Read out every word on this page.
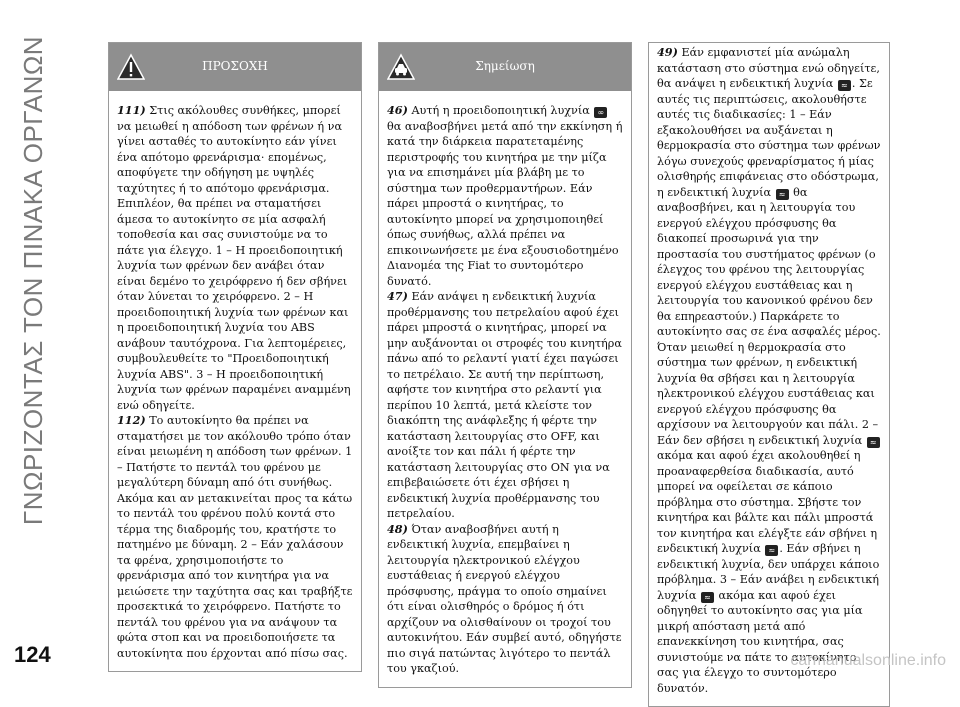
ΓΝΩΡΙΖΟΝΤΑΣ ΤΟΝ ΠΙΝΑΚΑ ΟΡΓΑΝΩΝ	ΠΡΟΣΟΧΗ

111) Στις ακόλουθες συνθήκες, μπορεί να μειωθεί η απόδοση των φρένων ή να γίνει ασταθές το αυτοκίνητο εάν γίνει ένα απότομο φρενάρισμα· επομένως, αποφύγετε την οδήγηση με υψηλές ταχύτητες ή το απότομο φρενάρισμα. Επιπλέον, θα πρέπει να σταματήσει άμεσα το αυτοκίνητο σε μία ασφαλή τοποθεσία και σας συνιστούμε να το πάτε για έλεγχο. 1 – Η προειδοποιητική λυχνία των φρένων δεν ανάβει όταν είναι δεμένο το χειρόφρενο ή δεν σβήνει όταν λύνεται το χειρόφρενο. 2 – Η προειδοποιητική λυχνία των φρένων και η προειδοποιητική λυχνία του ABS ανάβουν ταυτόχρονα. Για λεπτομέρειες, συμβουλευθείτε το "Προειδοποιητική λυχνία ABS". 3 – Η προειδοποιητική λυχνία των φρένων παραμένει αναμμένη ενώ οδηγείτε.

112) Το αυτοκίνητο θα πρέπει να σταματήσει με τον ακόλουθο τρόπο όταν είναι μειωμένη η απόδοση των φρένων. 1 – Πατήστε το πεντάλ του φρένου με μεγαλύτερη δύναμη από ότι συνήθως. Ακόμα και αν μετακινείται προς τα κάτω το πεντάλ του φρένου πολύ κοντά στο τέρμα της διαδρομής του, κρατήστε το πατημένο με δύναμη. 2 – Εάν χαλάσουν τα φρένα, χρησιμοποιήστε το φρενάρισμα από τον κινητήρα για να μειώσετε την ταχύτητα σας και τραβήξτε προσεκτικά το χειρόφρενο. Πατήστε το πεντάλ του φρένου για να ανάψουν τα φώτα στοπ και να προειδοποιήσετε τα αυτοκίνητα που έρχονται από πίσω σας.

Σημείωση

46) Αυτή η προειδοποιητική λυχνία ∞ θα αναβοσβήνει μετά από την εκκίνηση ή κατά την διάρκεια παρατεταμένης περιστροφής του κινητήρα με την μίζα για να επισημάνει μία βλάβη με το σύστημα των προθερμαντήρων. Εάν πάρει μπροστά ο κινητήρας, το αυτοκίνητο μπορεί να χρησιμοποιηθεί όπως συνήθως, αλλά πρέπει να επικοινωνήσετε με ένα εξουσιοδοτημένο Διανομέα της Fiat το συντομότερο δυνατό.

47) Εάν ανάψει η ενδεικτική λυχνία προθέρμανσης του πετρελαίου αφού έχει πάρει μπροστά ο κινητήρας, μπορεί να μην αυξάνονται οι στροφές του κινητήρα πάνω από το ρελαντί γιατί έχει παγώσει το πετρέλαιο. Σε αυτή την περίπτωση, αφήστε τον κινητήρα στο ρελαντί για περίπου 10 λεπτά, μετά κλείστε τον διακόπτη της ανάφλεξης ή φέρτε την κατάσταση λειτουργίας στο OFF, και ανοίξτε τον και πάλι ή φέρτε την κατάσταση λειτουργίας στο ON για να επιβεβαιώσετε ότι έχει σβήσει η ενδεικτική λυχνία προθέρμανσης του πετρελαίου.

48) Όταν αναβοσβήνει αυτή η ενδεικτική λυχνία, επεμβαίνει η λειτουργία ηλεκτρονικού ελέγχου ευστάθειας ή ενεργού ελέγχου πρόσφυσης, πράγμα το οποίο σημαίνει ότι είναι ολισθηρός ο δρόμος ή ότι αρχίζουν να ολισθαίνουν οι τροχοί του αυτοκινήτου. Εάν συμβεί αυτό, οδηγήστε πιο σιγά πατώντας λιγότερο το πεντάλ του γκαζιού.

49) Εάν εμφανιστεί μία ανώμαλη κατάσταση στο σύστημα ενώ οδηγείτε, θα ανάψει η ενδεικτική λυχνία ≈ . Σε αυτές τις περιπτώσεις, ακολουθήστε αυτές τις διαδικασίες: 1 – Εάν εξακολουθήσει να αυξάνεται η θερμοκρασία στο σύστημα των φρένων λόγω συνεχούς φρεναρίσματος ή μίας ολισθηρής επιφάνειας στο οδόστρωμα, η ενδεικτική λυχνία ≈ θα αναβοσβήνει, και η λειτουργία του ενεργού ελέγχου πρόσφυσης θα διακοπεί προσωρινά για την προστασία του συστήματος φρένων (ο έλεγχος του φρένου της λειτουργίας ενεργού ελέγχου ευστάθειας και η λειτουργία του κανονικού φρένου δεν θα επηρεαστούν.) Παρκάρετε το αυτοκίνητο σας σε ένα ασφαλές μέρος. Όταν μειωθεί η θερμοκρασία στο σύστημα των φρένων, η ενδεικτική λυχνία θα σβήσει και η λειτουργία ηλεκτρονικού ελέγχου ευστάθειας και ενεργού ελέγχου πρόσφυσης θα αρχίσουν να λειτουργούν και πάλι. 2 – Εάν δεν σβήσει η ενδεικτική λυχνία ≈ ακόμα και αφού έχει ακολουθηθεί η προαναφερθείσα διαδικασία, αυτό μπορεί να οφείλεται σε κάποιο πρόβλημα στο σύστημα. Σβήστε τον κινητήρα και βάλτε και πάλι μπροστά τον κινητήρα και ελέγξτε εάν σβήνει η ενδεικτική λυχνία ≈ . Εάν σβήνει η ενδεικτική λυχνία, δεν υπάρχει κάποιο πρόβλημα. 3 – Εάν ανάβει η ενδεικτική λυχνία ≈ ακόμα και αφού έχει οδηγηθεί το αυτοκίνητο σας για μία μικρή απόσταση μετά από επανεκκίνηση του κινητήρα, σας συνιστούμε να πάτε το αυτοκίνητο σας για έλεγχο το συντομότερο δυνατόν.

124	carmanualsonline.info
